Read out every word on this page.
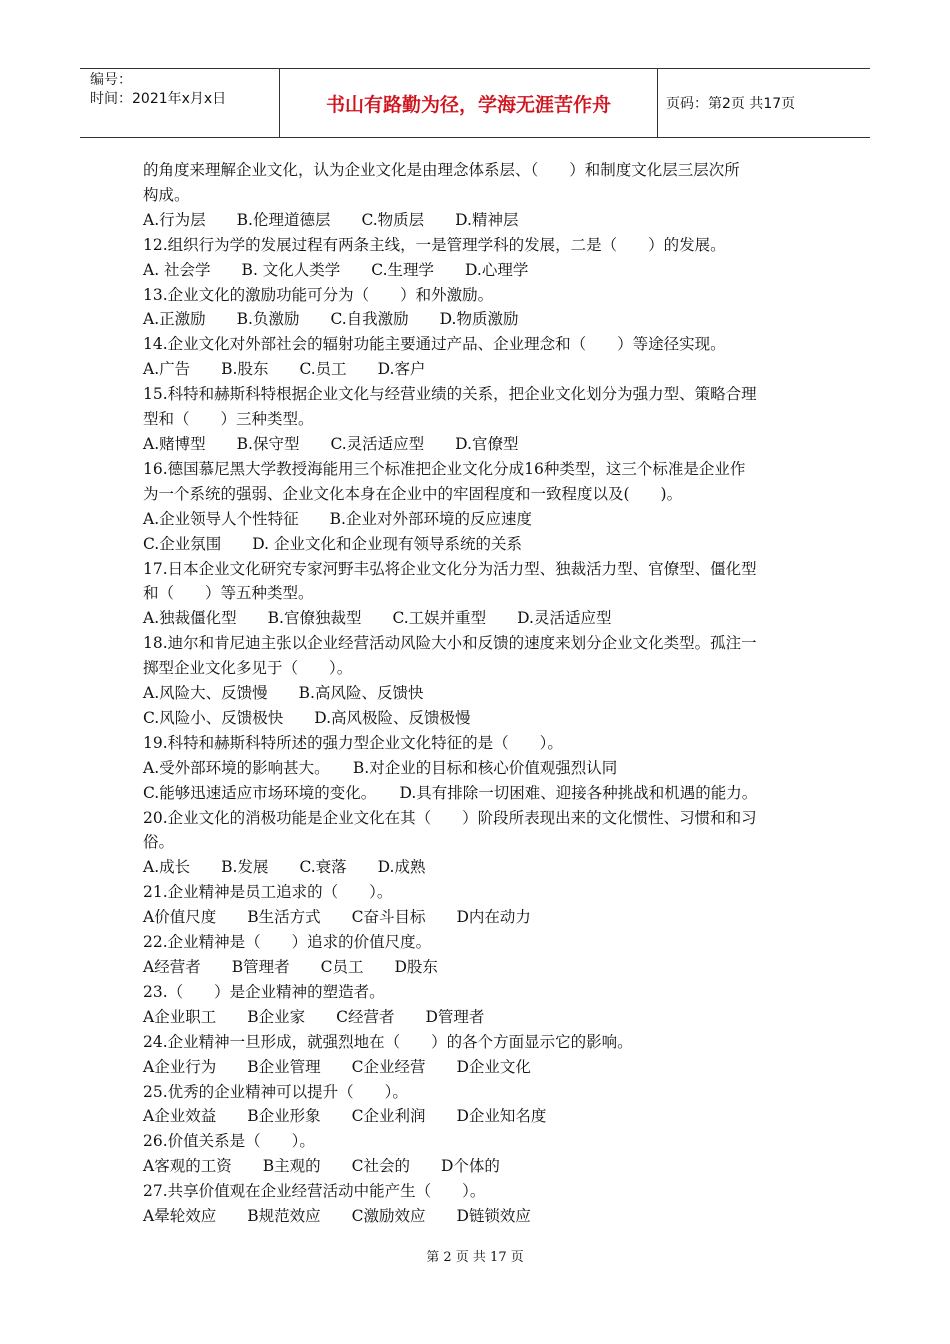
编号：
时间：2021年x月x日	书山有路勤为径，学海无涯苦作舟	页码：第2页 共17页
的角度来理解企业文化，认为企业文化是由理念体系层、（　　）和制度文化层三层次所
构成。
A.行为层　　B.伦理道德层　　C.物质层　　D.精神层
12.组织行为学的发展过程有两条主线，一是管理学科的发展，二是（　　）的发展。
A. 社会学　　B. 文化人类学　　C.生理学　　D.心理学
13.企业文化的激励功能可分为（　　）和外激励。
A.正激励　　B.负激励　　C.自我激励　　D.物质激励
14.企业文化对外部社会的辐射功能主要通过产品、企业理念和（　　）等途径实现。
A.广告　　B.股东　　C.员工　　D.客户
15.科特和赫斯科特根据企业文化与经营业绩的关系，把企业文化划分为强力型、策略合理
型和（　　）三种类型。
A.赌博型　　B.保守型　　C.灵活适应型　　D.官僚型
16.德国慕尼黑大学教授海能用三个标准把企业文化分成16种类型，这三个标准是企业作
为一个系统的强弱、企业文化本身在企业中的牢固程度和一致程度以及(　　)。
A.企业领导人个性特征　　B.企业对外部环境的反应速度
C.企业氛围　　D. 企业文化和企业现有领导系统的关系
17.日本企业文化研究专家河野丰弘将企业文化分为活力型、独裁活力型、官僚型、僵化型
和（　　）等五种类型。
A.独裁僵化型　　B.官僚独裁型　　C.工娱并重型　　D.灵活适应型
18.迪尔和肯尼迪主张以企业经营活动风险大小和反馈的速度来划分企业文化类型。孤注一
掷型企业文化多见于（　　）。
A.风险大、反馈慢　　B.高风险、反馈快
C.风险小、反馈极快　　D.高风极险、反馈极慢
19.科特和赫斯科特所述的强力型企业文化特征的是（　　）。
A.受外部环境的影响甚大。　　B.对企业的目标和核心价值观强烈认同
C.能够迅速适应市场环境的变化。　　D.具有排除一切困难、迎接各种挑战和机遇的能力。
20.企业文化的消极功能是企业文化在其（　　）阶段所表现出来的文化惯性、习惯和和习
俗。
A.成长　　B.发展　　C.衰落　　D.成熟
21.企业精神是员工追求的（　　）。
A价值尺度　　B生活方式　　C奋斗目标　　D内在动力
22.企业精神是（　　）追求的价值尺度。
A经营者　　B管理者　　C员工　　D股东
23.（　　）是企业精神的塑造者。
A企业职工　　B企业家　　C经营者　　D管理者
24.企业精神一旦形成，就强烈地在（　　）的各个方面显示它的影响。
A企业行为　　B企业管理　　C企业经营　　D企业文化
25.优秀的企业精神可以提升（　　）。
A企业效益　　B企业形象　　C企业利润　　D企业知名度
26.价值关系是（　　）。
A客观的工资　　B主观的　　C社会的　　D个体的
27.共享价值观在企业经营活动中能产生（　　）。
A晕轮效应　　B规范效应　　C激励效应　　D链锁效应
第 2 页 共 17 页
